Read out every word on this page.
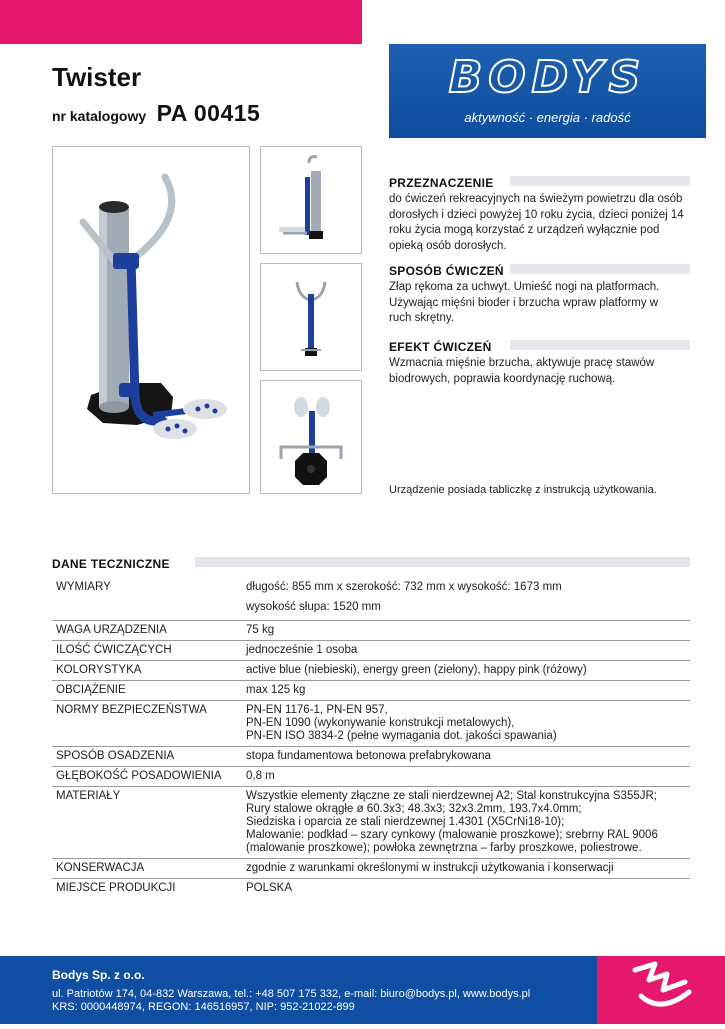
Twister
nr katalogowy PA 00415
BODYS
aktywność · energia · radość
PRZEZNACZENIE
do ćwiczeń rekreacyjnych na świeżym powietrzu dla osób dorosłych i dzieci powyżej 10 roku życia, dzieci poniżej 14 roku życia mogą korzystać z urządzeń wyłącznie pod opieką osób dorosłych.
SPOSÓB ĆWICZEŃ
Złap rękoma za uchwyt. Umieść nogi na platformach. Używając mięśni bioder i brzucha wpraw platformy w ruch skrętny.
EFEKT ĆWICZEŃ
Wzmacnia mięśnie brzucha, aktywuje pracę stawów biodrowych, poprawia koordynację ruchową.
Urządzenie posiada tabliczkę z instrukcją użytkowania.
DANE TECZNICZNE
WYMIARY	długość: 855 mm x szerokość: 732 mm x wysokość: 1673 mm
wysokość słupa: 1520 mm
WAGA URZĄDZENIA	75 kg
ILOŚĆ ĆWICZĄCYCH	jednocześnie 1 osoba
KOLORYSTYKA	active blue (niebieski), energy green (zielony), happy pink (różowy)
OBCIĄŻENIE	max 125 kg
NORMY BEZPIECZEŃSTWA	PN-EN 1176-1, PN-EN 957,
PN-EN 1090 (wykonywanie konstrukcji metalowych),
PN-EN ISO 3834-2 (pełne wymagania dot. jakości spawania)
SPOSÓB OSADZENIA	stopa fundamentowa betonowa prefabrykowana
GŁĘBOKOŚĆ POSADOWIENIA	0,8 m
MATERIAŁY	Wszystkie elementy złączne ze stali nierdzewnej A2; Stal konstrukcyjna S355JR;
Rury stalowe okrągłe ø 60.3x3; 48.3x3; 32x3.2mm, 193.7x4.0mm;
Siedziska i oparcia ze stali nierdzewnej 1.4301 (X5CrNi18-10);
Malowanie: podkład – szary cynkowy (malowanie proszkowe); srebrny RAL 9006
(malowanie proszkowe); powłoka zewnętrzna – farby proszkowe, poliestrowe.
KONSERWACJA	zgodnie z warunkami określonymi w instrukcji użytkowania i konserwacji
MIEJSCE PRODUKCJI	POLSKA
Bodys Sp. z o.o.
ul. Patriotów 174, 04-832 Warszawa, tel.: +48 507 175 332, e-mail: biuro@bodys.pl, www.bodys.pl
KRS: 0000448974, REGON: 146516957, NIP: 952-21022-899
